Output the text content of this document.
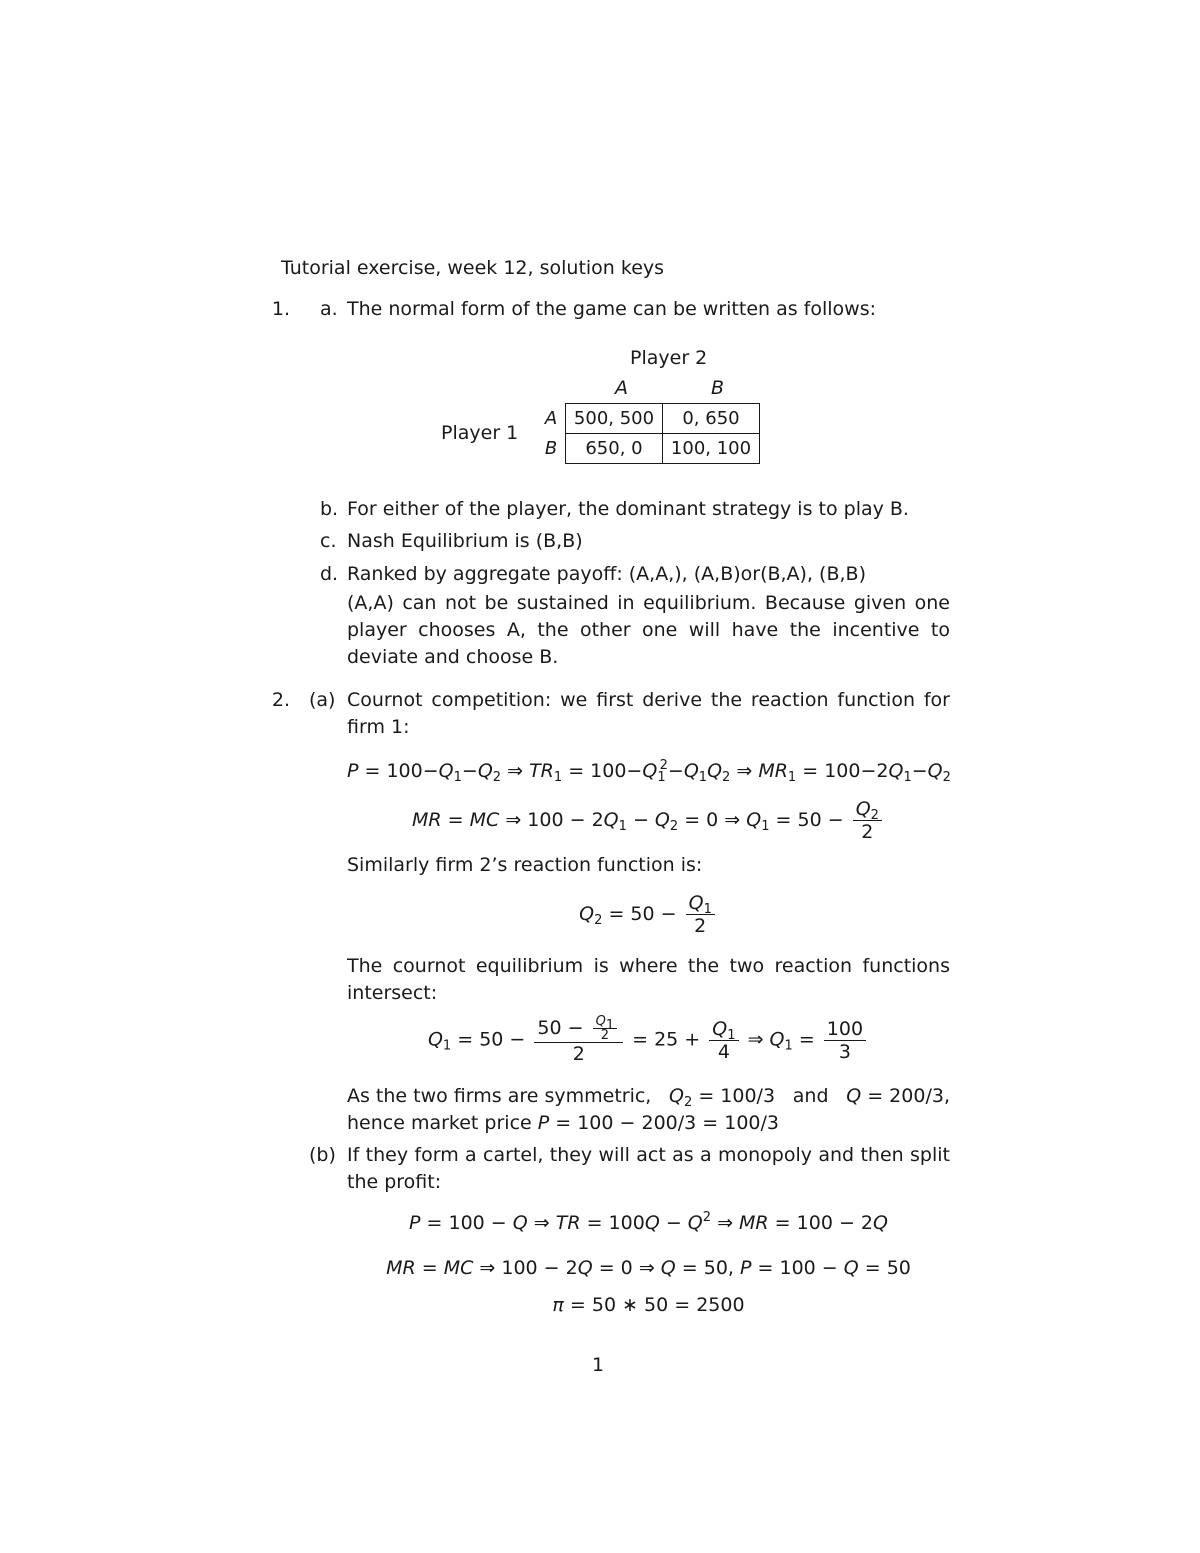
Tutorial exercise, week 12, solution keys
1. a. The normal form of the game can be written as follows:
Player 2
A	B
Player 1
A	500, 500	0, 650
B	650, 0	100, 100
b. For either of the player, the dominant strategy is to play B.
c. Nash Equilibrium is (B,B)
d. Ranked by aggregate payoff: (A,A,), (A,B)or(B,A), (B,B)
(A,A) can not be sustained in equilibrium. Because given one player chooses A, the other one will have the incentive to deviate and choose B.
2. (a) Cournot competition: we first derive the reaction function for firm 1:
$P = 100-Q_1-Q_2$ ⇒ $TR_1 = 100-Q_1^2-Q_1Q_2$ ⇒ $MR_1 = 100-2Q_1-Q_2$
MR = MC ⇒ $100 - 2Q_1 - Q_2 = 0$ ⇒ $Q_1 = 50 - \frac{Q_2}{2}$
Similarly firm 2’s reaction function is:
$Q_2 = 50 - \frac{Q_1}{2}$
The cournot equilibrium is where the two reaction functions intersect:
$Q_1 = 50 - \frac{50 - \frac{Q_1}{2}}{2} = 25 + \frac{Q_1}{4}$ ⇒ $Q_1 = \frac{100}{3}$
As the two firms are symmetric, $Q_2 = 100/3$ and Q = 200/3,
hence market price P = 100 − 200/3 = 100/3
(b) If they form a cartel, they will act as a monopoly and then split the profit:
P = 100 − Q ⇒ TR = $100Q - Q^2$ ⇒ MR = 100 − 2Q
MR = MC ⇒ 100 − 2Q = 0 ⇒ Q = 50, P = 100 − Q = 50
π = 50 ∗ 50 = 2500
1
